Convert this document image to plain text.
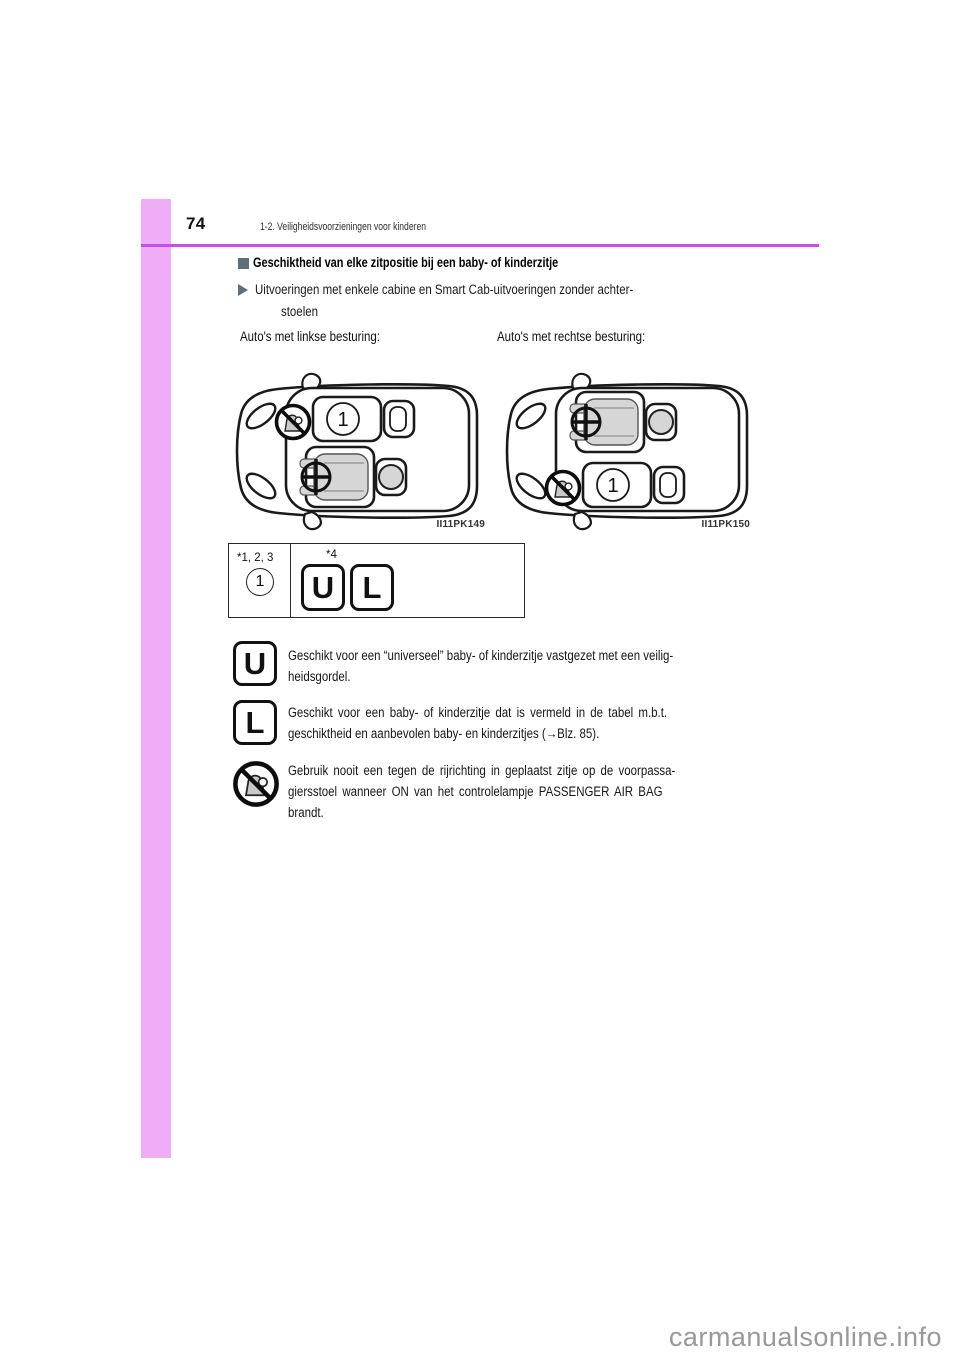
74	1-2. Veiligheidsvoorzieningen voor kinderen
Geschiktheid van elke zitpositie bij een baby- of kinderzitje
Uitvoeringen met enkele cabine en Smart Cab-uitvoeringen zonder achter-
stoelen
Auto's met linkse besturing:	Auto's met rechtse besturing:
1
1
II11PK149	II11PK150
*1, 2, 3
1
*4
U L
U	Geschikt voor een “universeel” baby- of kinderzitje vastgezet met een veilig-
heidsgordel.
L	Geschikt voor een baby- of kinderzitje dat is vermeld in de tabel m.b.t.
geschiktheid en aanbevolen baby- en kinderzitjes (→Blz. 85).
Gebruik nooit een tegen de rijrichting in geplaatst zitje op de voorpassa-
giersstoel wanneer ON van het controlelampje PASSENGER AIR BAG
brandt.
carmanualsonline.info
